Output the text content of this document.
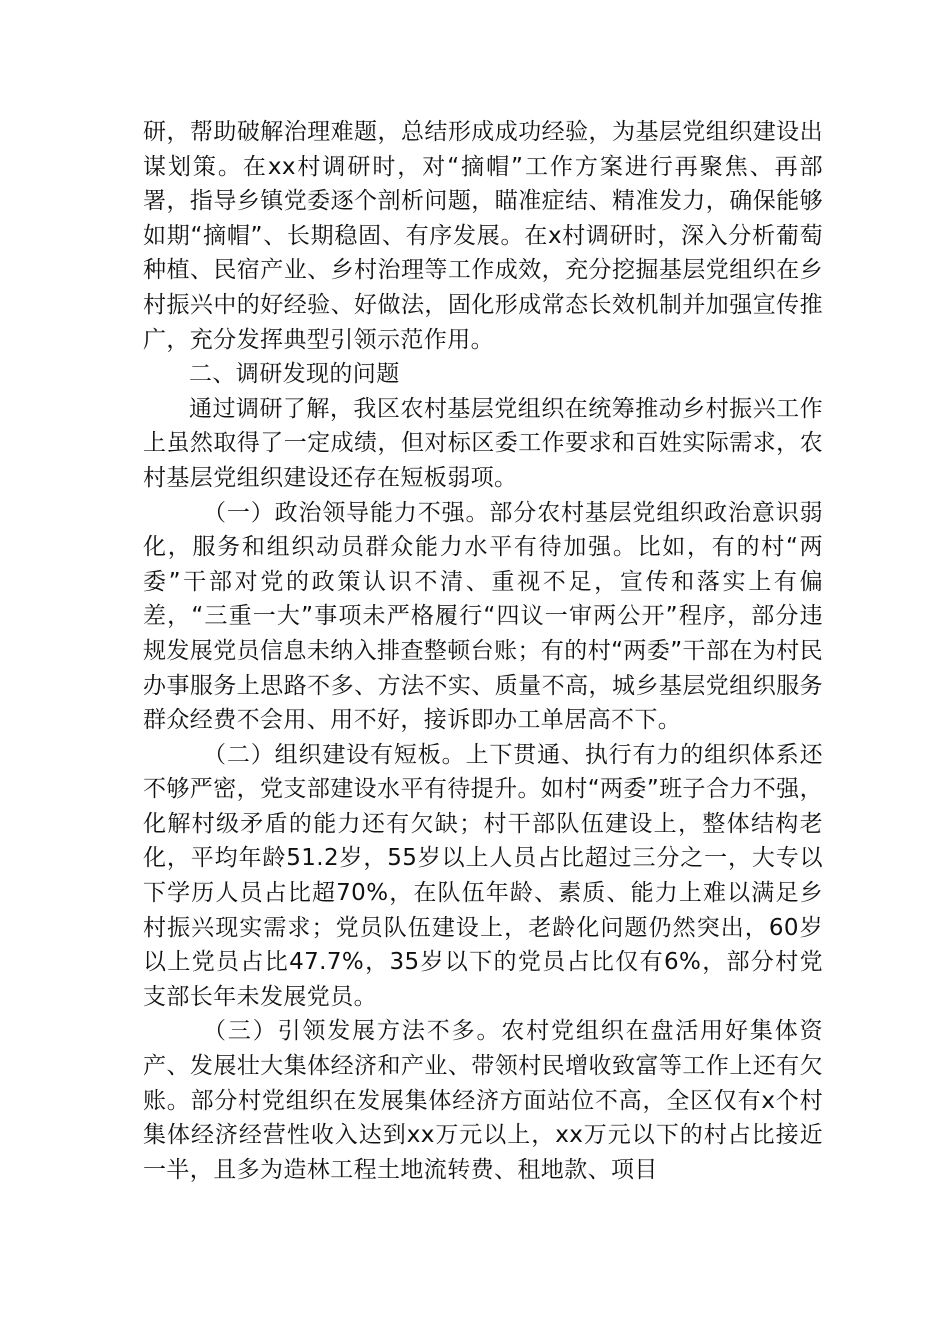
研，帮助破解治理难题，总结形成成功经验，为基层党组织建设出谋划策。在xx村调研时，对“摘帽”工作方案进行再聚焦、再部署，指导乡镇党委逐个剖析问题，瞄准症结、精准发力，确保能够如期“摘帽”、长期稳固、有序发展。在x村调研时，深入分析葡萄种植、民宿产业、乡村治理等工作成效，充分挖掘基层党组织在乡村振兴中的好经验、好做法，固化形成常态长效机制并加强宣传推广，充分发挥典型引领示范作用。

二、调研发现的问题

通过调研了解，我区农村基层党组织在统筹推动乡村振兴工作上虽然取得了一定成绩，但对标区委工作要求和百姓实际需求，农村基层党组织建设还存在短板弱项。

（一）政治领导能力不强。部分农村基层党组织政治意识弱化，服务和组织动员群众能力水平有待加强。比如，有的村“两委”干部对党的政策认识不清、重视不足，宣传和落实上有偏差，“三重一大”事项未严格履行“四议一审两公开”程序，部分违规发展党员信息未纳入排查整顿台账；有的村“两委”干部在为村民办事服务上思路不多、方法不实、质量不高，城乡基层党组织服务群众经费不会用、用不好，接诉即办工单居高不下。

（二）组织建设有短板。上下贯通、执行有力的组织体系还不够严密，党支部建设水平有待提升。如村“两委”班子合力不强，化解村级矛盾的能力还有欠缺；村干部队伍建设上，整体结构老化，平均年龄51.2岁，55岁以上人员占比超过三分之一，大专以下学历人员占比超70%，在队伍年龄、素质、能力上难以满足乡村振兴现实需求；党员队伍建设上，老龄化问题仍然突出，60岁以上党员占比47.7%，35岁以下的党员占比仅有6%，部分村党支部长年未发展党员。

（三）引领发展方法不多。农村党组织在盘活用好集体资产、发展壮大集体经济和产业、带领村民增收致富等工作上还有欠账。部分村党组织在发展集体经济方面站位不高，全区仅有x个村集体经济经营性收入达到xx万元以上，xx万元以下的村占比接近一半，且多为造林工程土地流转费、租地款、项目
